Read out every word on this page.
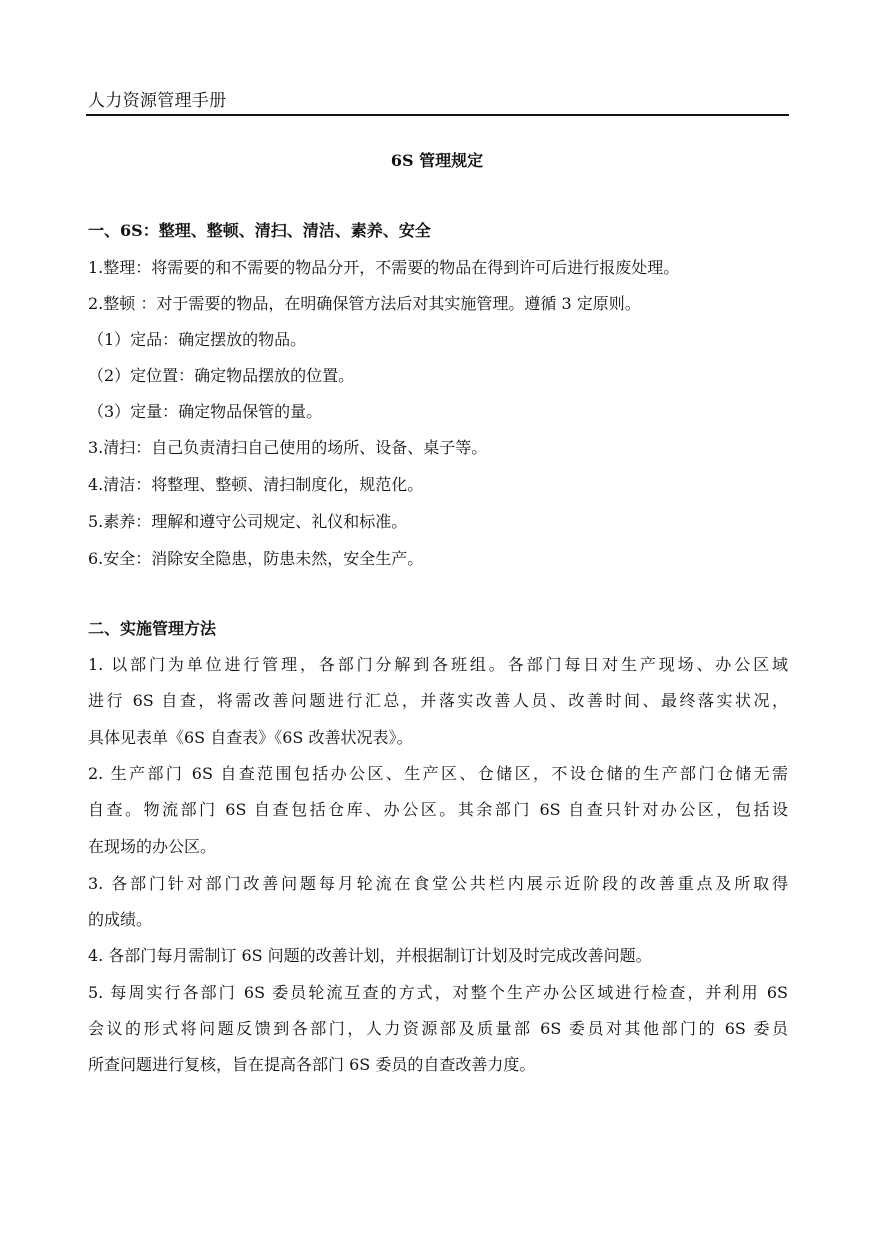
人力资源管理手册
6S 管理规定
一、6S：整理、整顿、清扫、清洁、素养、安全
1.整理：将需要的和不需要的物品分开，不需要的物品在得到许可后进行报废处理。
2.整顿 ：对于需要的物品，在明确保管方法后对其实施管理。遵循 3 定原则。
（1）定品：确定摆放的物品。
（2）定位置：确定物品摆放的位置。
（3）定量：确定物品保管的量。
3.清扫：自己负责清扫自己使用的场所、设备、桌子等。
4.清洁：将整理、整顿、清扫制度化，规范化。
5.素养：理解和遵守公司规定、礼仪和标准。
6.安全：消除安全隐患，防患未然，安全生产。
二、实施管理方法
1. 以部门为单位进行管理，各部门分解到各班组。各部门每日对生产现场、办公区域
进行 6S 自查，将需改善问题进行汇总，并落实改善人员、改善时间、最终落实状况，
具体见表单《6S 自查表》《6S 改善状况表》。
2. 生产部门 6S 自查范围包括办公区、生产区、仓储区，不设仓储的生产部门仓储无需
自查。物流部门 6S 自查包括仓库、办公区。其余部门 6S 自查只针对办公区，包括设
在现场的办公区。
3. 各部门针对部门改善问题每月轮流在食堂公共栏内展示近阶段的改善重点及所取得
的成绩。
4. 各部门每月需制订 6S 问题的改善计划，并根据制订计划及时完成改善问题。
5. 每周实行各部门 6S 委员轮流互查的方式，对整个生产办公区域进行检查，并利用 6S
会议的形式将问题反馈到各部门，人力资源部及质量部 6S 委员对其他部门的 6S 委员
所查问题进行复核，旨在提高各部门 6S 委员的自查改善力度。
